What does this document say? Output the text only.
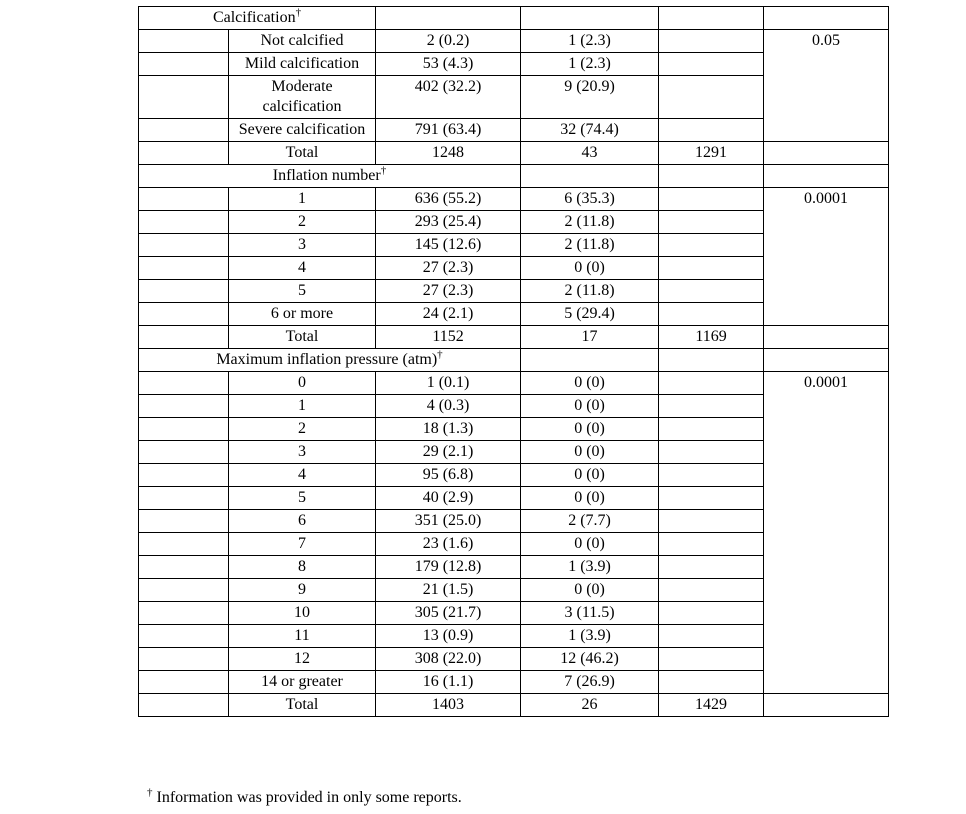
Calcification†				
	Not calcified	2 (0.2)	1 (2.3)		0.05
	Mild calcification	53 (4.3)	1 (2.3)		
	Moderate calcification	402 (32.2)	9 (20.9)		
	Severe calcification	791 (63.4)	32 (74.4)		
	Total	1248	43	1291	
Inflation number†			
	1	636 (55.2)	6 (35.3)		0.0001
	2	293 (25.4)	2 (11.8)		
	3	145 (12.6)	2 (11.8)		
	4	27 (2.3)	0 (0)		
	5	27 (2.3)	2 (11.8)		
	6 or more	24 (2.1)	5 (29.4)		
	Total	1152	17	1169	
Maximum inflation pressure (atm)†			
	0	1 (0.1)	0 (0)		0.0001
	1	4 (0.3)	0 (0)		
	2	18 (1.3)	0 (0)		
	3	29 (2.1)	0 (0)		
	4	95 (6.8)	0 (0)		
	5	40 (2.9)	0 (0)		
	6	351 (25.0)	2 (7.7)		
	7	23 (1.6)	0 (0)		
	8	179 (12.8)	1 (3.9)		
	9	21 (1.5)	0 (0)		
	10	305 (21.7)	3 (11.5)		
	11	13 (0.9)	1 (3.9)		
	12	308 (22.0)	12 (46.2)		
	14 or greater	16 (1.1)	7 (26.9)		
	Total	1403	26	1429	
† Information was provided in only some reports.
